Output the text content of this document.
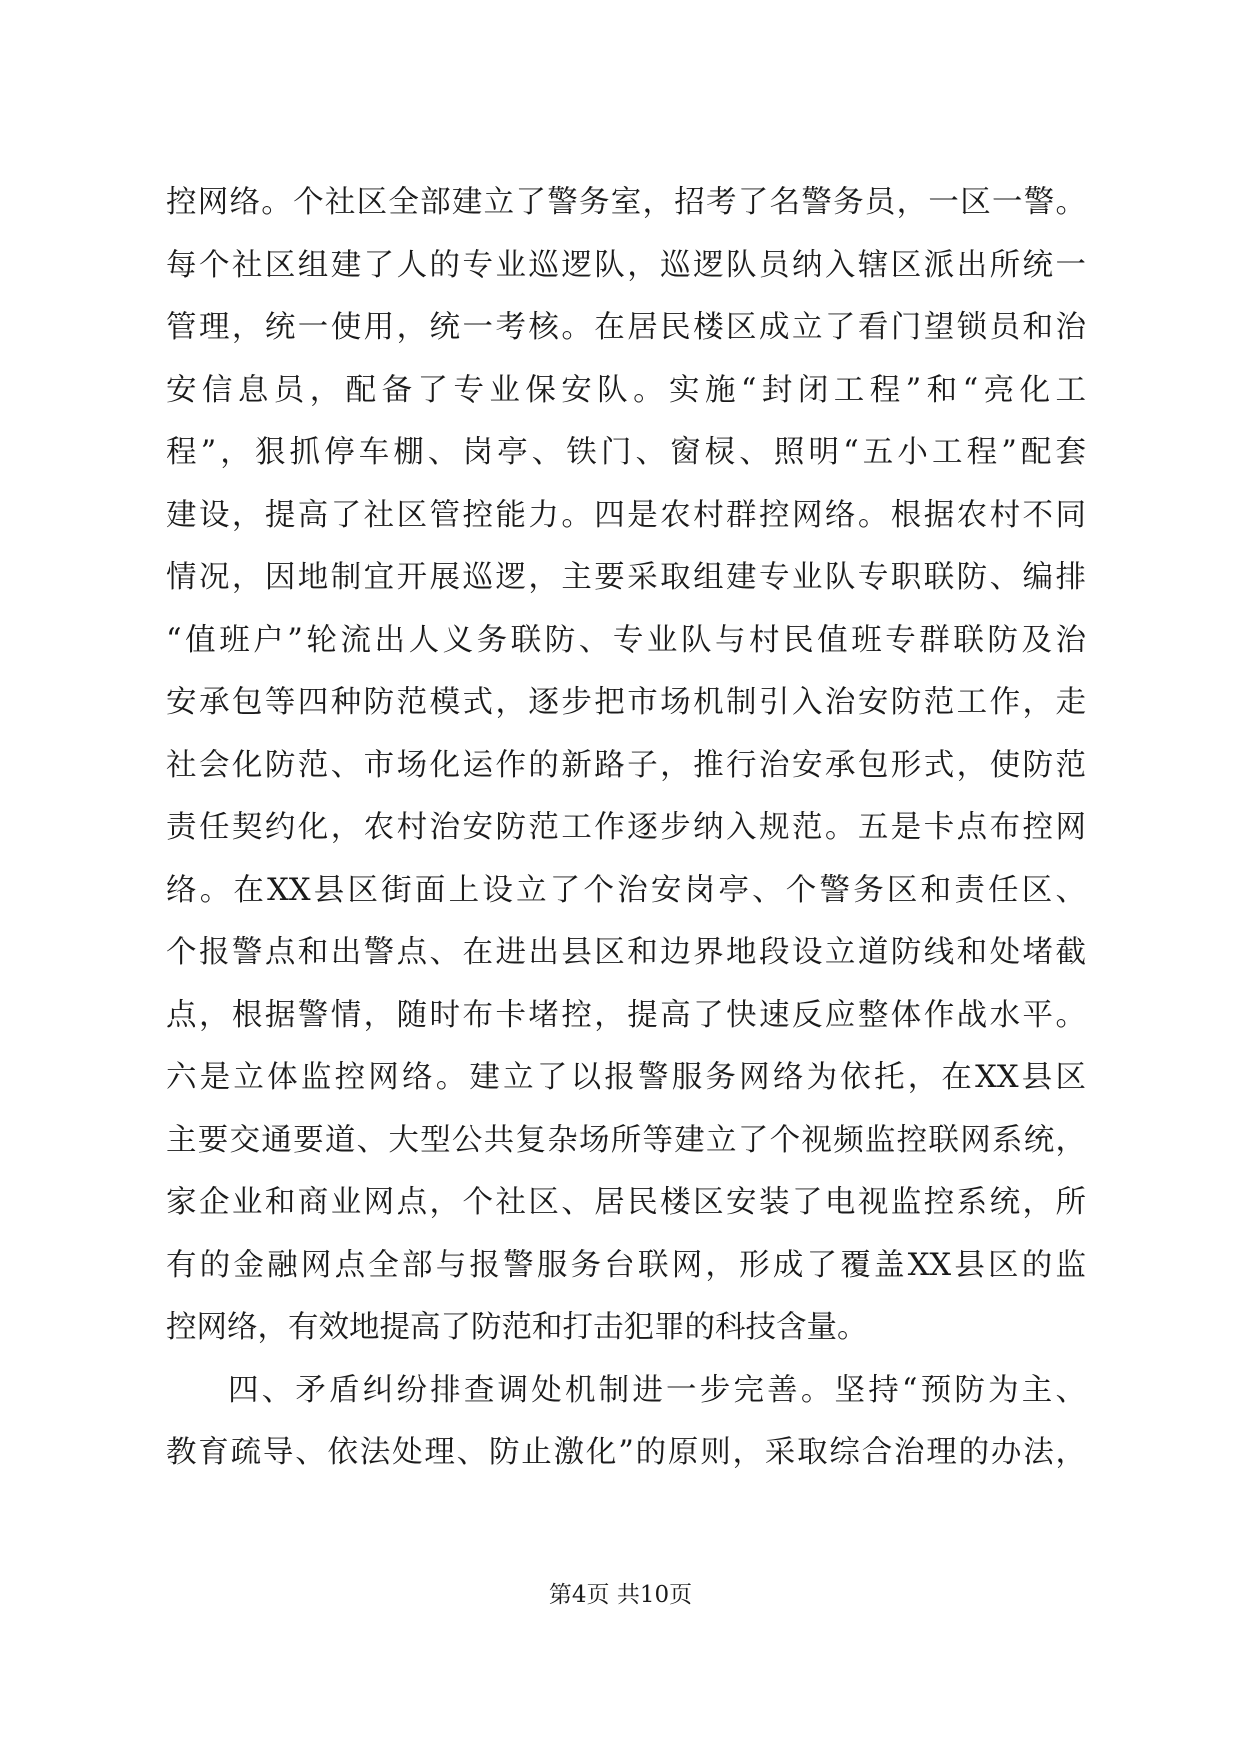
控网络。个社区全部建立了警务室，招考了名警务员，一区一警。
每个社区组建了人的专业巡逻队，巡逻队员纳入辖区派出所统一
管理，统一使用，统一考核。在居民楼区成立了看门望锁员和治
安信息员，配备了专业保安队。实施“封闭工程”和“亮化工
程”，狠抓停车棚、岗亭、铁门、窗棂、照明“五小工程”配套
建设，提高了社区管控能力。四是农村群控网络。根据农村不同
情况，因地制宜开展巡逻，主要采取组建专业队专职联防、编排
“值班户”轮流出人义务联防、专业队与村民值班专群联防及治
安承包等四种防范模式，逐步把市场机制引入治安防范工作，走
社会化防范、市场化运作的新路子，推行治安承包形式，使防范
责任契约化，农村治安防范工作逐步纳入规范。五是卡点布控网
络。在XX县区街面上设立了个治安岗亭、个警务区和责任区、
个报警点和出警点、在进出县区和边界地段设立道防线和处堵截
点，根据警情，随时布卡堵控，提高了快速反应整体作战水平。
六是立体监控网络。建立了以报警服务网络为依托，在XX县区
主要交通要道、大型公共复杂场所等建立了个视频监控联网系统，
家企业和商业网点，个社区、居民楼区安装了电视监控系统，所
有的金融网点全部与报警服务台联网，形成了覆盖XX县区的监
控网络，有效地提高了防范和打击犯罪的科技含量。
四、矛盾纠纷排查调处机制进一步完善。坚持“预防为主、
教育疏导、依法处理、防止激化”的原则，采取综合治理的办法，
第4页 共10页
